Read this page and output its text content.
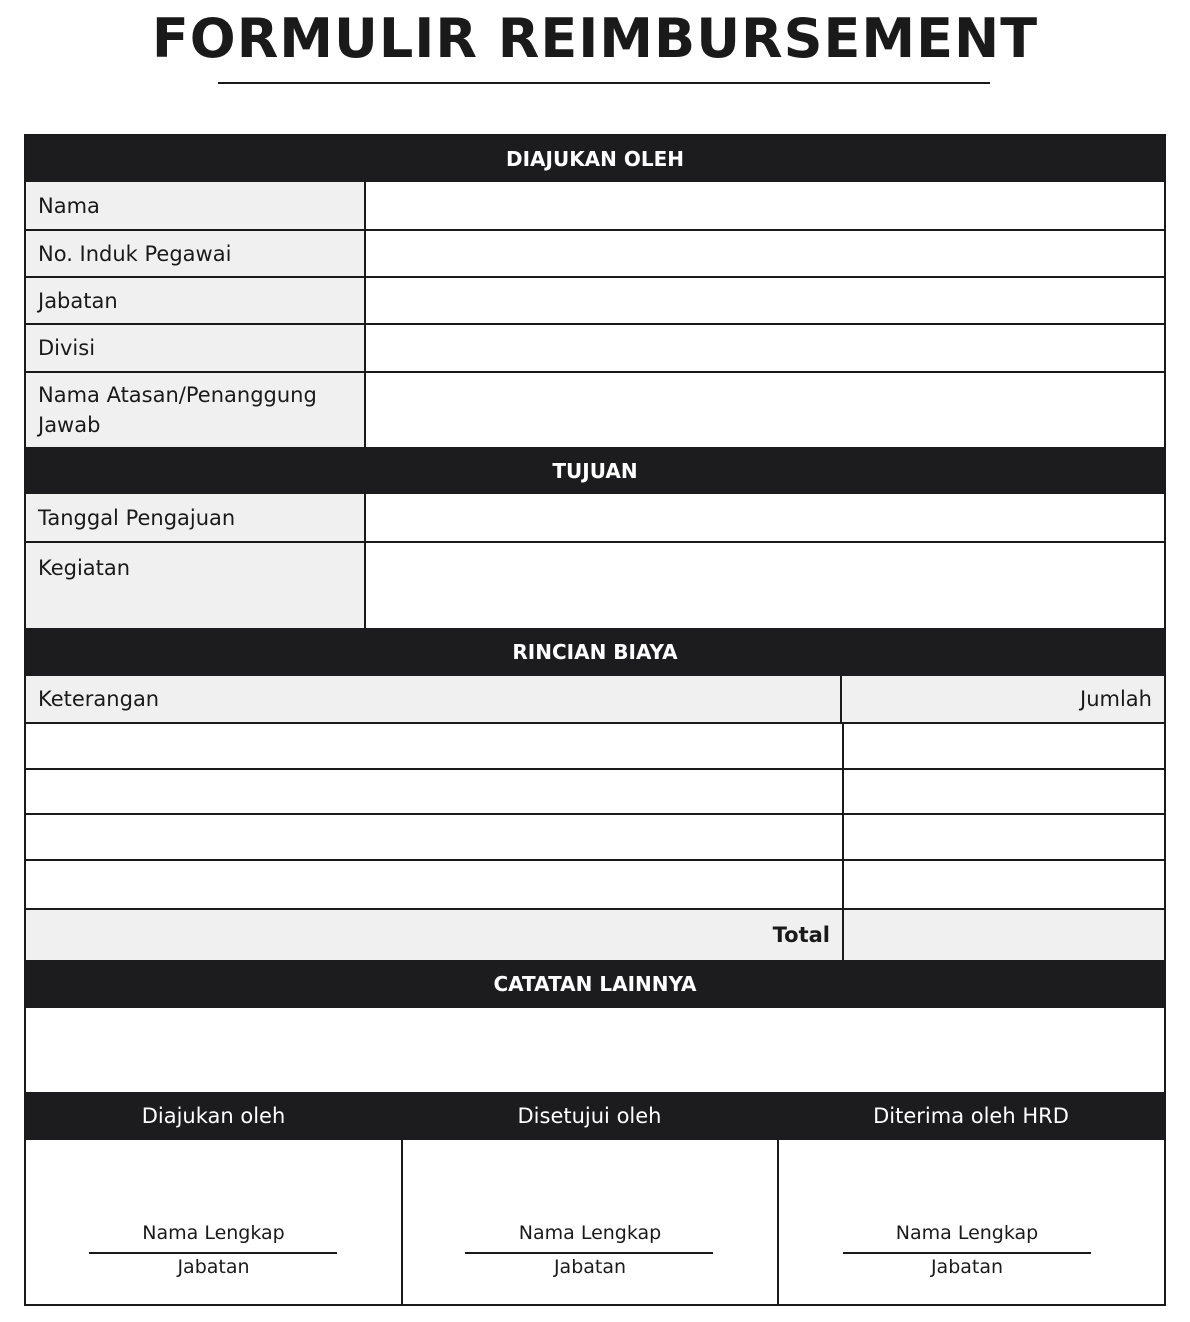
FORMULIR REIMBURSEMENT
DIAJUKAN OLEH
Nama
No. Induk Pegawai
Jabatan
Divisi
Nama Atasan/Penanggung Jawab
TUJUAN
Tanggal Pengajuan
Kegiatan
RINCIAN BIAYA
Keterangan	Jumlah
Total
CATATAN LAINNYA
Diajukan oleh	Disetujui oleh	Diterima oleh HRD
Nama Lengkap
Jabatan
Nama Lengkap
Jabatan
Nama Lengkap
Jabatan
